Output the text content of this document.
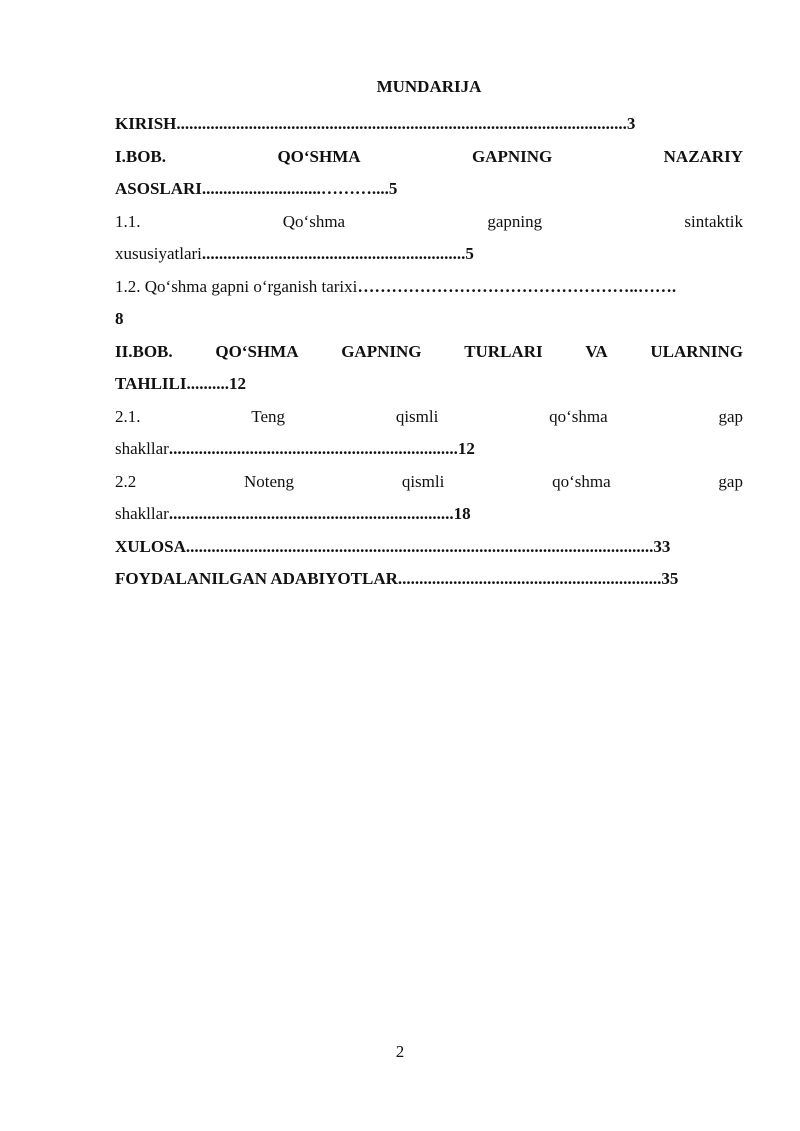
MUNDARIJA
KIRISH..........................................................................................................3
I.BOB.	QO‘SHMA	GAPNING	NAZARIY
ASOSLARI............................………....5
1.1.	Qo‘shma	gapning	sintaktik
xususiyatlari..............................................................5
1.2. Qo‘shma gapni o‘rganish tarixi…………………………………………..…….
8
II.BOB.	QO‘SHMA	GAPNING	TURLARI	VA	ULARNING
TAHLILI..........12
2.1.	Teng	qismli	qo‘shma	gap
shakllar....................................................................12
2.2	Noteng	qismli	qo‘shma	gap
shakllar...................................................................18
XULOSA..............................................................................................................33
FOYDALANILGAN ADABIYOTLAR..............................................................35
2
